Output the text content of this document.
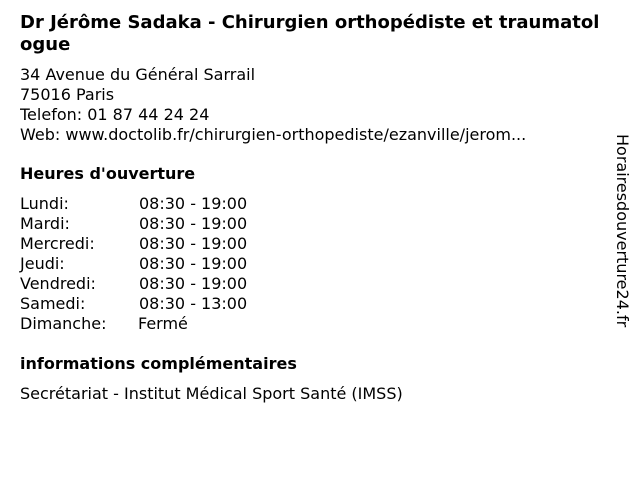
Dr Jérôme Sadaka - Chirurgien orthopédiste et traumatologue
34 Avenue du Général Sarrail
75016 Paris
Telefon: 01 87 44 24 24
Web: www.doctolib.fr/chirurgien-orthopediste/ezanville/jerom...
Heures d'ouverture
Lundi:	08:30 - 19:00
Mardi:	08:30 - 19:00
Mercredi:	08:30 - 19:00
Jeudi:	08:30 - 19:00
Vendredi:	08:30 - 19:00
Samedi:	08:30 - 13:00
Dimanche:	Fermé
informations complémentaires
Secrétariat - Institut Médical Sport Santé (IMSS)
Horairesdouverture24.fr
